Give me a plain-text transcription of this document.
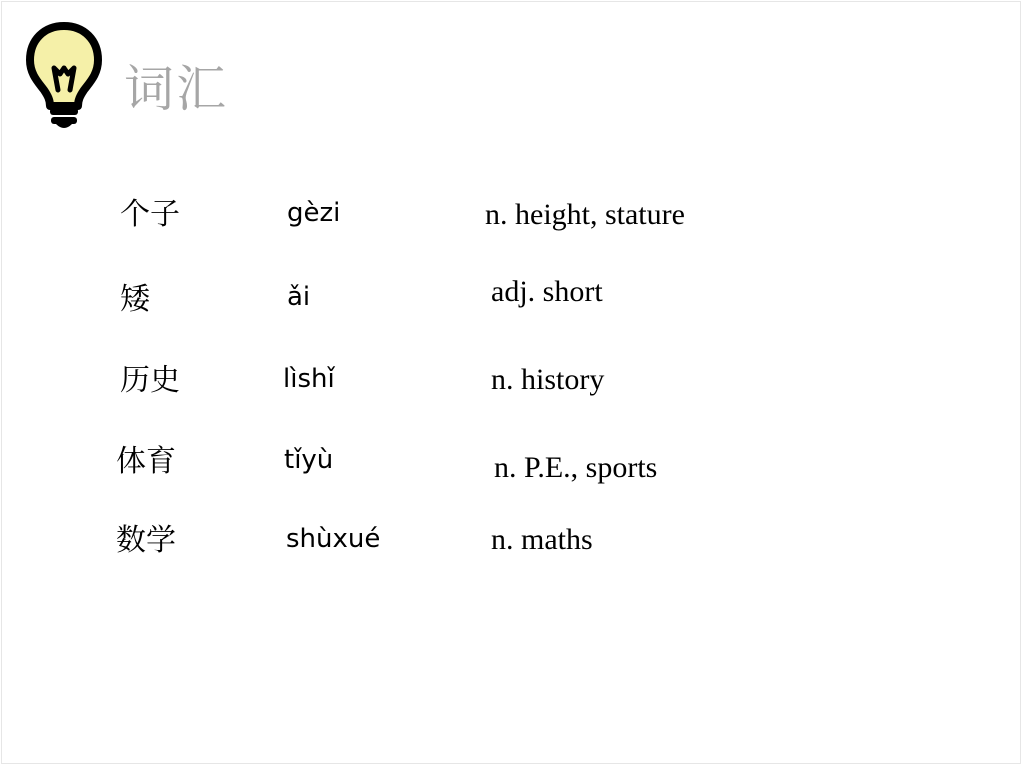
词汇
个子	gèzi	n. height, stature
矮	ǎi	adj. short
历史	lìshǐ	n. history
体育	tǐyù	n. P.E., sports
数学	shùxué	n. maths
